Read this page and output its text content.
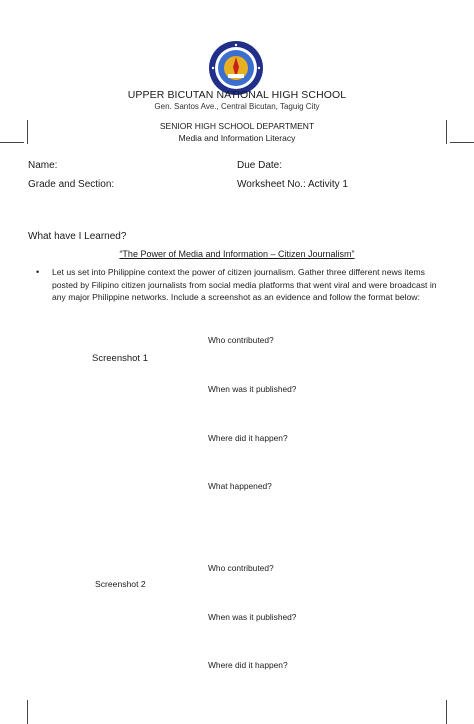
UPPER BICUTAN NATIONAL HIGH SCHOOL
Gen. Santos Ave., Central Bicutan, Taguig City
SENIOR HIGH SCHOOL DEPARTMENT
Media and Information Literacy
Name:	Due Date:
Grade and Section:	Worksheet No.: Activity 1
What have I Learned?
“The Power of Media and Information – Citizen Journalism”
• Let us set into Philippine context the power of citizen journalism. Gather three different news items posted by Filipino citizen journalists from social media platforms that went viral and were broadcast in any major Philippine networks. Include a screenshot as an evidence and follow the format below:
Who contributed?
Screenshot 1
When was it published?
Where did it happen?
What happened?
Who contributed?
Screenshot 2
When was it published?
Where did it happen?
